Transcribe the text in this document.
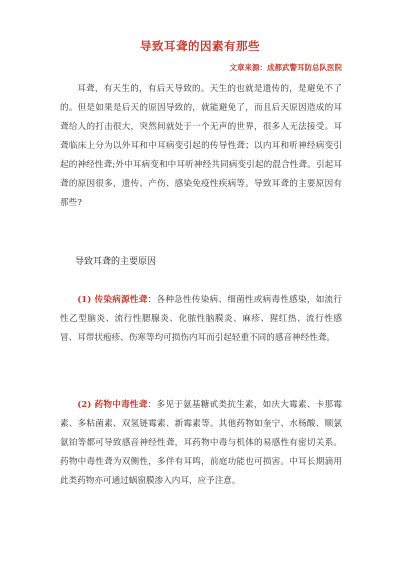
导致耳聋的因素有那些
文章来源：成都武警耳防总队医院
耳聋，有天生的，有后天导致的。天生的也就是遗传的，是避免不了的。但是如果是后天的原因导致的，就能避免了，而且后天原因造成的耳聋给人的打击很大，突然间就处于一个无声的世界，很多人无法接受。耳聋临床上分为以外耳和中耳病变引起的传导性聋；以内耳和听神经病变引起的神经性聋;外中耳病变和中耳听神经共同病变引起的混合性聋。引起耳聋的原因很多，遗传、产伤、感染免疫性疾病等。导致耳聋的主要原因有那些?
导致耳聋的主要原因
(1) 传染病源性聋：各种急性传染病、细菌性或病毒性感染，如流行性乙型脑炎、流行性腮腺炎、化脓性脑膜炎、麻疹、猩红热、流行性感冒、耳带状疱疹、伤寒等均可损伤内耳而引起轻重不同的感音神经性聋。
(2) 药物中毒性聋：多见于氨基糖甙类抗生素，如庆大霉素、卡那霉素、多粘菌素、双氢链霉素、新霉素等。其他药物如奎宁、水杨酸、顺氯氨铂等都可导致感音神经性聋，耳药物中毒与机体的易感性有密切关系。药物中毒性聋为双侧性，多伴有耳鸣，前庭功能也可损害。中耳长期滴用此类药物亦可通过蜗窗膜渗入内耳，应予注意。
